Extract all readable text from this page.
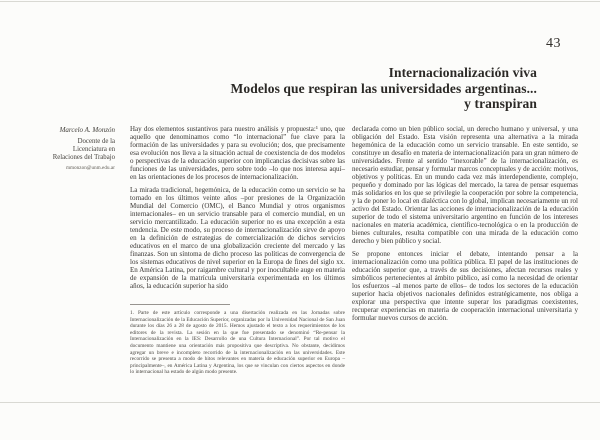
43
Internacionalización viva
Modelos que respiran las universidades argentinas...
y transpiran
Marcelo A. Monzón
Docente de la
Licenciatura en
Relaciones del Trabajo
mmonzon@unm.edu.ar

Hay dos elementos sustantivos para nuestro análisis y propuesta:¹ uno, que aquello que denominamos como “lo internacional” fue clave para la formación de las universidades y para su evolución; dos, que precisamente esa evolución nos lleva a la situación actual de coexistencia de dos modelos o perspectivas de la educación superior con implicancias decisivas sobre las funciones de las universidades, pero sobre todo –lo que nos interesa aquí– en las orientaciones de los procesos de internacionalización.

La mirada tradicional, hegemónica, de la educación como un servicio se ha tornado en los últimos veinte años –por presiones de la Organización Mundial del Comercio (OMC), el Banco Mundial y otros organismos internacionales– en un servicio transable para el comercio mundial, en un servicio mercantilizado. La educación superior no es una excepción a esta tendencia. De este modo, su proceso de internacionalización sirve de apoyo en la definición de estrategias de comercialización de dichos servicios educativos en el marco de una globalización creciente del mercado y las finanzas. Son un síntoma de dicho proceso las políticas de convergencia de los sistemas educativos de nivel superior en la Europa de fines del siglo xx. En América Latina, por raigambre cultural y por inocultable auge en materia de expansión de la matrícula universitaria experimentada en los últimos años, la educación superior ha sido

declarada como un bien público social, un derecho humano y universal, y una obligación del Estado. Esta visión representa una alternativa a la mirada hegemónica de la educación como un servicio transable. En este sentido, se constituye un desafío en materia de internacionalización para un gran número de universidades. Frente al sentido “inexorable” de la internacionalización, es necesario estudiar, pensar y formular marcos conceptuales y de acción: motivos, objetivos y políticas. En un mundo cada vez más interdependiente, complejo, pequeño y dominado por las lógicas del mercado, la tarea de pensar esquemas más solidarios en los que se privilegie la cooperación por sobre la competencia, y la de poner lo local en dialéctica con lo global, implican necesariamente un rol activo del Estado. Orientar las acciones de internacionalización de la educación superior de todo el sistema universitario argentino en función de los intereses nacionales en materia académica, científico-tecnológica o en la producción de bienes culturales, resulta compatible con una mirada de la educación como derecho y bien público y social.

Se propone entonces iniciar el debate, intentando pensar a la internacionalización como una política pública. El papel de las instituciones de educación superior que, a través de sus decisiones, afectan recursos reales y simbólicos pertenecientes al ámbito público, así como la necesidad de orientar los esfuerzos –al menos parte de ellos– de todos los sectores de la educación superior hacia objetivos nacionales definidos estratégicamente, nos obliga a explorar una perspectiva que intente superar los paradigmas coexistentes, recuperar experiencias en materia de cooperación internacional universitaria y formular nuevos cursos de acción.

1. Parte de este artículo corresponde a una disertación realizada en las Jornadas sobre Internacionalización de la Educación Superior, organizadas por la Universidad Nacional de San Juan durante los días 26 a 28 de agosto de 2015. Hemos ajustado el texto a los requerimientos de los editores de la revista. La sesión en la que fue presentado se denominó “Re-pensar la Internacionalización en la IES: Desarrollo de una Cultura Internacional”. Por tal motivo el documento mantiene una orientación más propositiva que descriptiva. No obstante, decidimos agregar un breve e incompleto recorrido de la internacionalización en las universidades. Este recorrido se presenta a modo de hitos relevantes en materia de educación superior en Europa –principalmente–, en América Latina y Argentina, los que se vinculan con ciertos aspectos en donde lo internacional ha estado de algún modo presente.
